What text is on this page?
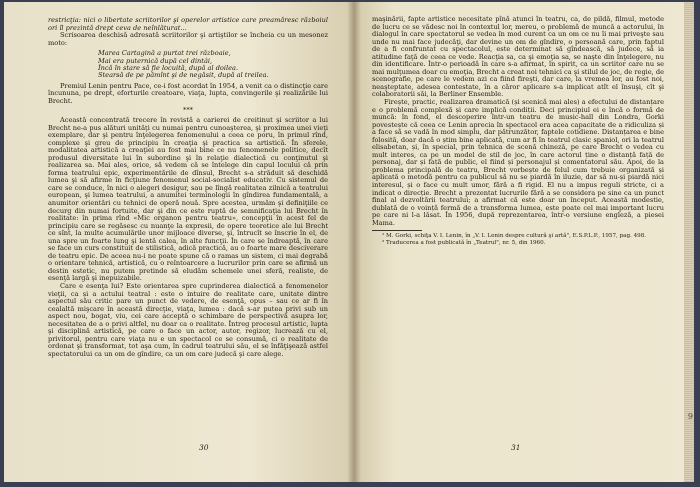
restricţia: nici o libertate scriitorilor şi operelor artistice care preamăresc războiul ori îl prezintă drept ceva de neînlăturat...

Scrisoarea deschisă adresată scriitorilor şi artiştilor se încheia cu un mesonez moto:

Marea Cartagină a purtat trei războaie,
Mai era puternică după cel dintâi,
Încă în stare să fie locuită, după al doilea.
Stearsă de pe pămînt şi de negăsit, după al treilea.

Premiul Lenin pentru Pace, ce-i fost acordat în 1954, a venit ca o distincţie care încununa, pe drept, eforturile creatoare, viaţa, lupta, convingerile şi realizările lui Brecht.

***

Această concentrată trecere în revistă a carierei de creitinut şi scriitor a lui Brecht ne-a pus alături unităţi cu numai pentru cunoaşterea, şi proximea unei vieţi exemplare, dar şi pentru înţelegerea fenomenului a ceea ce poru, în primul rînd, complexe şi greu de principiu în creaţia şi practica sa artistică. În sferele, modalitatea artistică a creaţiei au fost mai bine ce nu fenomenele politice, decît produsul diversitate lui în subordine şi în relaţie dialectică cu conţinutul şi realizarea sa. Mai ales, orice, să vedem că se întelege din capul locului că prin forma teatrului epic, experimentările de dînsul, Brecht s-a străduit să deschidă lumea şi să afirme în ficţiune fenomenul social-socialist educativ. Cu sistemul de care se conduce, în nici o alegeri desigur, sau pe lîngă realitatea zilnică a teatrului european, şi lumea teatrului, a anumitei terminologii în gîndirea fundamentală, a anumitor orientări cu tehnici de operă nouă. Spre acestea, urmăm şi definiţiile ce decurg din numai fortuite, dar şi din ce este ruptă de semnificaţia lui Brecht în realitate: în prima rînd «Mic organon pentru teatru», concepţii în acest fel de principiu care se regăsesc cu nuanţe la expresii, de opere teoretice ale lui Brecht ce sînt, la multe acumulările unor mijloace diverse, şi, întrucît se înscrie în el, de una spre un foarte lung şi lentă calea, în alte funcţii. În care se îndreaptă, în care se face un curs constituit de stilistică, adică practică, au o foarte mare desciverare de teatru epic. De aceea nu-i ne poate spune că o ramas un sistem, ci mai degrabă o orientare tehnică, artistică, cu o reîntoarcere a lucrurilor prin care se afirmă un destin estetic, nu putem pretinde să eludăm schemele unei sferă, realiste, de esenţă largă şi inepuizabile.

Care e esenţa lui? Este orientarea spre cuprinderea dialectică a fenomenelor vieţii, ca și a actului teatral : este o intuire de realitate care, unitate dintre aspectul său critic pare un punct de vedere, de esenţă, opus – sau ce ar fi în cealaltă mişcare în această direcţie, viaţa, lumea : dacă s-ar putea privi sub un aspect nou, bogat, viu, cei care acceptă o schimbare de perspectivă asupra lor, necesitatea de a o privi altfel, nu doar ca o realitate. Întreg procesul artistic, lupta şi disciplină artistică, pe care o face un actor, autor, regizor, lucrează cu el, privitorul, pentru care viaţa nu e un spectacol ce se consumă, ci o realitate de ordonat şi transformat, tot aşa cum, în cadrul teatrului său, el se înfăţişează astfel spectatorului ca un om de gîndire, ca un om care judecă şi care alege.

30

maşinării, fapte artistice necesitate pînă atunci în teatru, ca, de pildă, filmul, metode de lucru ce se vădesc noi în contextul lor, mereu, o problemă de muncă a actorului, în dialogul în care spectatorul se vedea în mod curent ca un om ce nu îi mai priveşte sau unde nu mai face judecăţi, dar devine un om de gîndire, o persoană care, prin faptul de a fi confruntat cu spectacolul, este determinat să gîndească, să judece, să ia atitudine faţă de ceea ce vede. Reacţia sa, ca şi emoţia sa, se naşte din înţelegere, nu din identificare. Într-o perioadă în care s-a afirmat, în spirit, ca un scriitor care nu se mai mulţumea doar cu emoţia, Brecht a creat noi tehnici ca şi stilul de joc, de regie, de scenografie, pe care le vedem azi ca fiind fireşti, dar care, la vremea lor, au fost noi, neaşteptate, adesea contestate, în a căror aplicare s-a implicat atît el însuşi, cît şi colaboratorii săi, la Berliner Ensemble.

Firește, practic, realizarea dramatică (și scenică mai ales) a efectului de distanțare e o problemă complexă și care implică condiții. Deci principiul ei e încă o formă de muncă: în fond, el descoperire într-un teatru de music-hall din Londra, Gorki povestește că ceea ce Lenin aprecia în spectacol era acea capacitate de a ridiculiza și a face să se vadă în mod simplu, dar pătrunzător, faptele cotidiene. Distanțarea e bine folosită, doar dacă o știm bine aplicată, cum ar fi în teatrul clasic spaniol, ori la teatrul elisabetan, și, în special, prin tehnica de scenă chineză, pe care Brecht o vedea cu mult interes, ca pe un model de stil de joc, în care actorul ține o distanță față de personaj, dar și față de public, el fiind și personajul și comentatorul său. Apoi, de la problema principală de teatru, Brecht vorbește de felul cum trebuie organizată și aplicată o metodă pentru ca publicul să nu se piardă în iluzie, dar să nu-și piardă nici interesul, și o face cu mult umor, fără a fi rigid. El nu a impus reguli stricte, ci a indicat o direcție. Brecht a prezentat lucrurile fără a se considera pe sine ca un punct final al dezvoltării teatrului; a afirmat că este doar un început. Această modestie, dublată de o voință fermă de a transforma lumea, este poate cel mai important lucru pe care ni l-a lăsat. În 1956, după reprezentarea, într-o versiune engleză, a piesei Mama.

¹ M. Gorki, schiţa V. I. Lenin, în „V. I. Lenin despre cultură şi artă", E.S.P.L.P., 1957, pag. 498.

² Traducerea a fost publicată în „Teatrul", nr. 5, din 1960.

31
9
